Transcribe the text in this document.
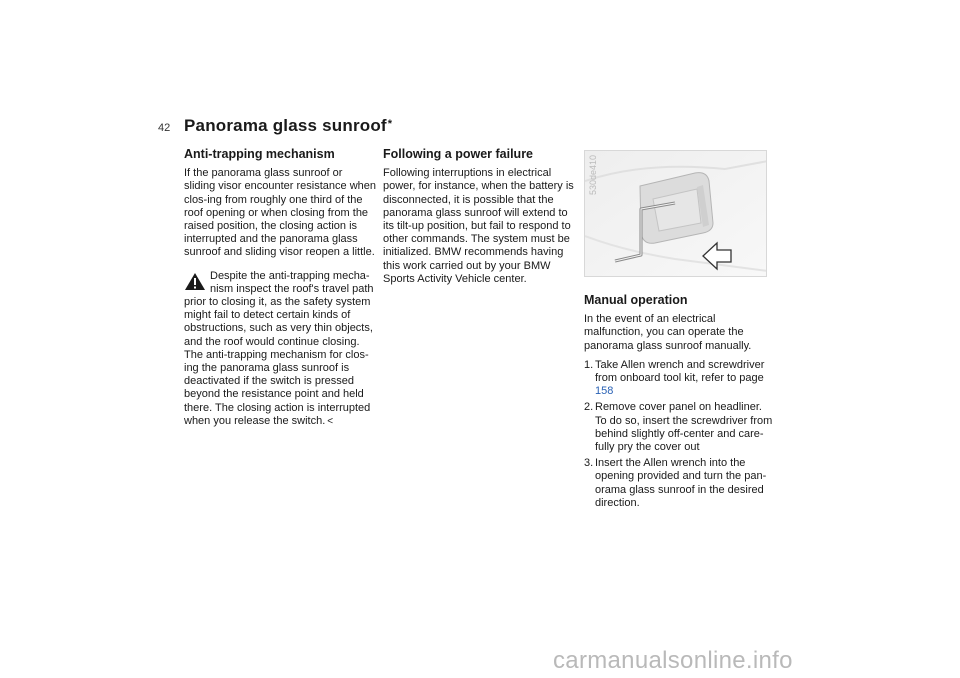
42 Panorama glass sunroof*
Anti-trapping mechanism

If the panorama glass sunroof or sliding visor encounter resistance when clos-ing from roughly one third of the roof opening or when closing from the raised position, the closing action is interrupted and the panorama glass sunroof and sliding visor reopen a little.

Despite the anti-trapping mecha-nism inspect the roof's travel path

prior to closing it, as the safety system might fail to detect certain kinds of obstructions, such as very thin objects, and the roof would continue closing. The anti-trapping mechanism for clos-ing the panorama glass sunroof is deactivated if the switch is pressed beyond the resistance point and held there. The closing action is interrupted when you release the switch. <

Following a power failure

Following interruptions in electrical power, for instance, when the battery is disconnected, it is possible that the panorama glass sunroof will extend to its tilt-up position, but fail to respond to other commands. The system must be initialized. BMW recommends having this work carried out by your BMW Sports Activity Vehicle center.

530de410
Manual operation

In the event of an electrical malfunction, you can operate the panorama glass sunroof manually.

1. Take Allen wrench and screwdriver from onboard tool kit, refer to page 158
2. Remove cover panel on headliner. To do so, insert the screwdriver from behind slightly off-center and care-fully pry the cover out
3. Insert the Allen wrench into the opening provided and turn the pan-orama glass sunroof in the desired direction.
carmanualsonline.info
